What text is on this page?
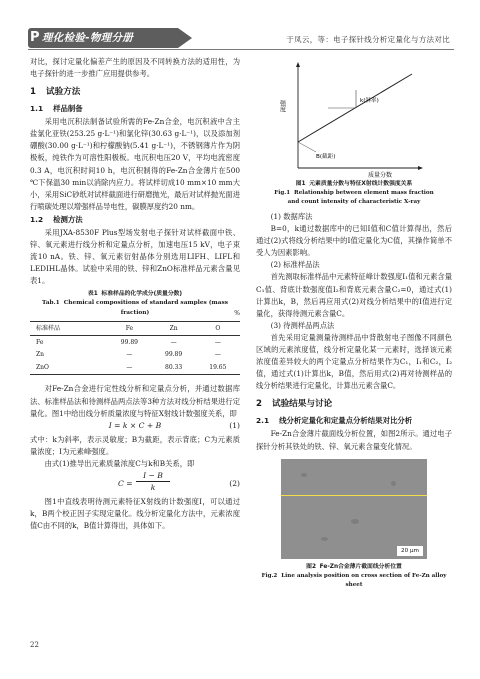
P 理化检验-物理分册	于凤云，等：电子探针线分析定量化与方法对比

对比，探讨定量化偏差产生的原因及不同转换方法的适用性，为电子探针的进一步推广应用提供参考。

1 试验方法
1.1 样品制备

采用电沉积法制备试验所需的Fe-Zn合金，电沉积液中含主盐氯化亚铁(253.25 g·L⁻¹)和氯化锌(30.63 g·L⁻¹)，以及添加剂硼酸(30.00 g·L⁻¹)和柠檬酸钠(5.41 g·L⁻¹)，不锈钢薄片作为阴极板，纯铁作为可溶性阳极板。电沉积电压20 V，平均电流密度0.3 A，电沉积时间10 h，电沉积制得的Fe-Zn合金薄片在500 ℃下保温30 min以消除内应力。将试样切成10 mm×10 mm大小，采用SiC砂纸对试样截面进行研磨抛光，最后对试样抛光面进行喷碳处理以增强样品导电性，碳膜厚度约20 nm。

1.2 检测方法

采用JXA-8530F Plus型场发射电子探针对试样截面中铁、锌、氧元素进行线分析和定量点分析，加速电压15 kV，电子束流10 nA。铁、锌、氧元素衍射晶体分别选用LIFH、LIFL和LEDIHL晶体。试验中采用的铁、锌和ZnO标准样品元素含量见表1。

表1 标准样品的化学成分(质量分数)
Tab.1 Chemical compositions of standard samples (mass fraction)	%
标准样品	Fe	Zn	O
Fe	99.89	—	—
Zn	—	99.89	—
ZnO	—	80.33	19.65

对Fe-Zn合金进行定性线分析和定量点分析，并通过数据库法、标准样品法和待测样品两点法等3种方法对线分析结果进行定量化。图1中给出线分析质量浓度与特征X射线计数强度关系，即

I = k × C + B	(1)

式中：k为斜率，表示灵敏度；B为截距，表示背底；C为元素质量浓度；I为元素峰强度。

由式(1)推导出元素质量浓度C与k和B关系，即

$C = \frac{I - B}{k}$	(2)

图1中直线表明待测元素特征X射线的计数强度I，可以通过k，B两个校正因子实现定量化。线分析定量化方法中，元素浓度值C由不同的k，B值计算得出，具体如下。

22
强度
质量分数
k(斜率)
B(截距)
图1 元素质量分数与特征X射线计数强度关系
Fig.1 Relationship between element mass fraction and count intensity of characteristic X-ray

(1) 数据库法

B=0，k通过数据库中的已知I值和C值计算得出，然后通过(2)式将线分析结果中的I值定量化为C值，其操作简单不受人为因素影响。

(2) 标准样品法

首先测取标准样品中元素特征峰计数强度I₁值和元素含量C₁值、背底计数强度值I₂和背底元素含量C₂=0，通过式(1)计算出k，B，然后再应用式(2)对线分析结果中的I值进行定量化，获得待测元素含量C。

(3) 待测样品两点法

首先采用定量测量待测样品中背散射电子图像不同颜色区域的元素浓度值，线分析定量化某一元素时，选择该元素浓度值差异较大的两个定量点分析结果作为C₁，I₁和C₂，I₂值，通过式(1)计算出k，B值，然后用式(2)再对待测样品的线分析结果进行定量化，计算出元素含量C。

2 试验结果与讨论
2.1 线分析定量化和定量点分析结果对比分析

Fe-Zn合金薄片截面线分析位置，如图2所示。通过电子探针分析其铁处的铁、锌、氧元素含量变化情况。

20 μm
图2 Fe-Zn合金薄片截面线分析位置
Fig.2 Line analysis position on cross section of Fe-Zn alloy sheet
